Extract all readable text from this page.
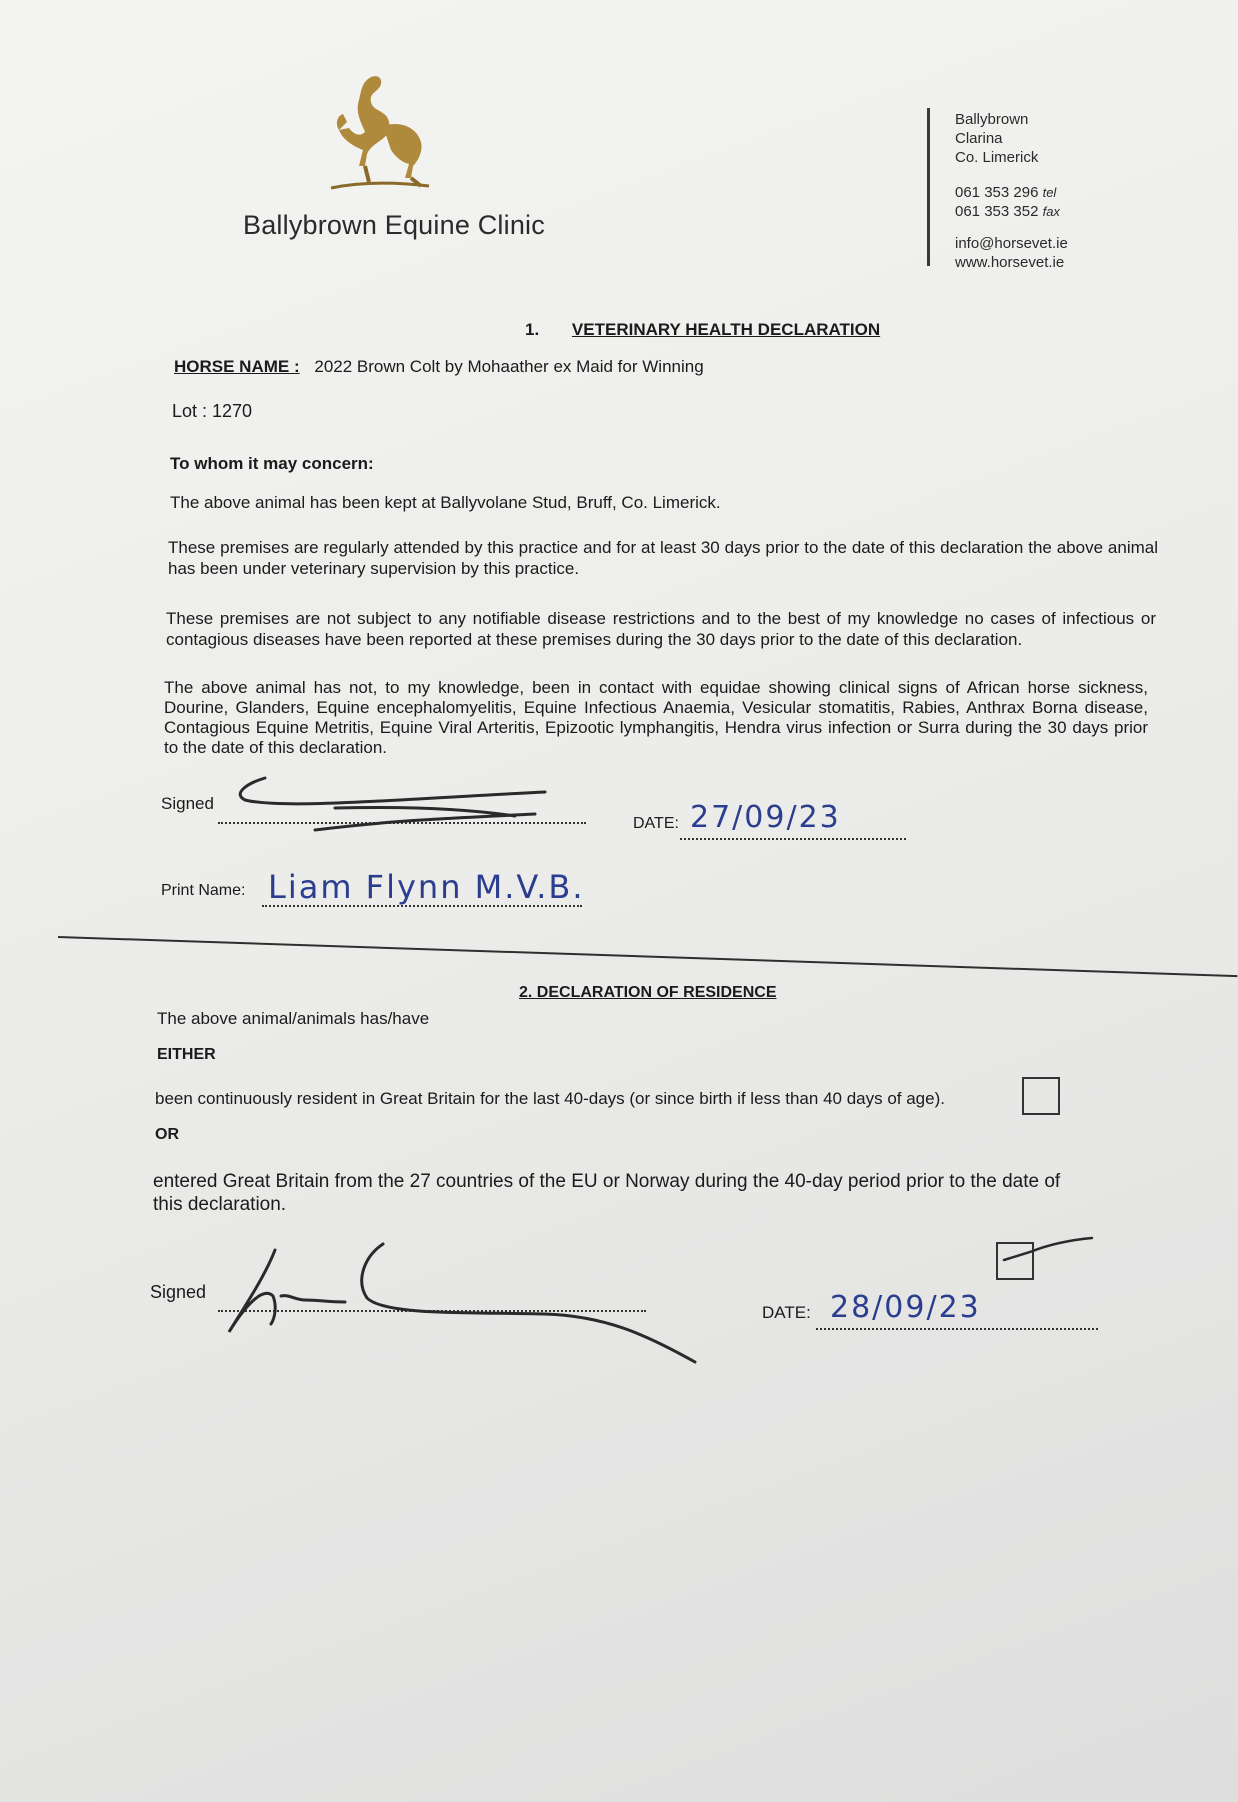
Ballybrown Equine Clinic
Ballybrown
Clarina
Co. Limerick
061 353 296 tel
061 353 352 fax
info@horsevet.ie
www.horsevet.ie
1. VETERINARY HEALTH DECLARATION
HORSE NAME : 2022 Brown Colt by Mohaather ex Maid for Winning
Lot : 1270
To whom it may concern:
The above animal has been kept at Ballyvolane Stud, Bruff, Co. Limerick.
These premises are regularly attended by this practice and for at least 30 days prior to the date of this declaration the above animal has been under veterinary supervision by this practice.
These premises are not subject to any notifiable disease restrictions and to the best of my knowledge no cases of infectious or contagious diseases have been reported at these premises during the 30 days prior to the date of this declaration.
The above animal has not, to my knowledge, been in contact with equidae showing clinical signs of African horse sickness, Dourine, Glanders, Equine encephalomyelitis, Equine Infectious Anaemia, Vesicular stomatitis, Rabies, Anthrax Borna disease, Contagious Equine Metritis, Equine Viral Arteritis, Epizootic lymphangitis, Hendra virus infection or Surra during the 30 days prior to the date of this declaration.
Signed
DATE: 27/09/23
Print Name: Liam Flynn M.V.B.
2. DECLARATION OF RESIDENCE
The above animal/animals has/have
EITHER
been continuously resident in Great Britain for the last 40-days (or since birth if less than 40 days of age).
OR
entered Great Britain from the 27 countries of the EU or Norway during the 40-day period prior to the date of this declaration.
Signed
DATE: 28/09/23
